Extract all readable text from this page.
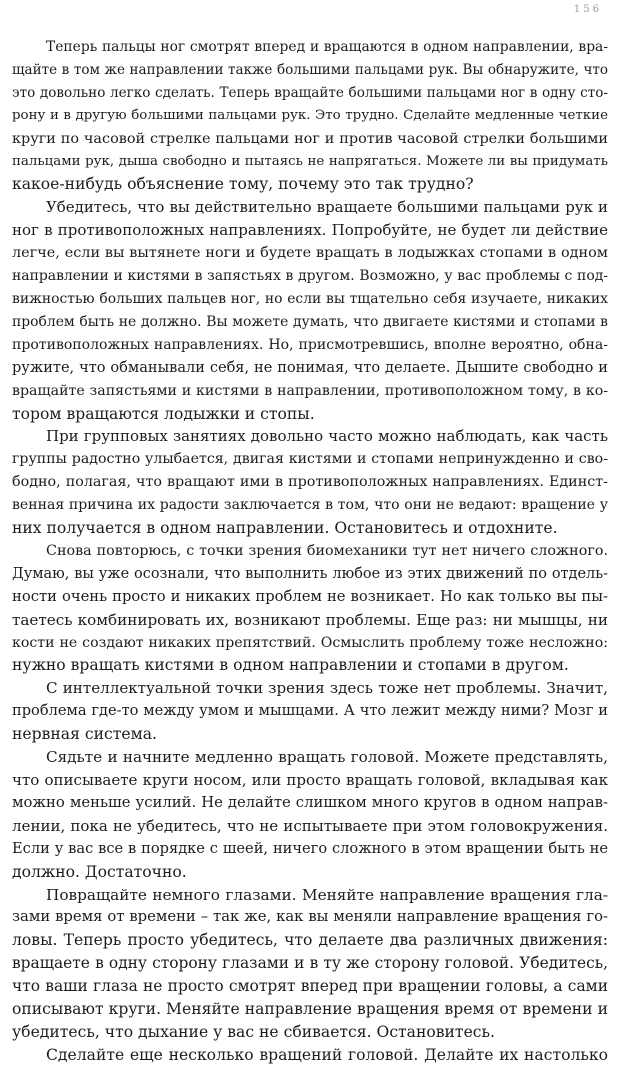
156
Теперь пальцы ног смотрят вперед и вращаются в одном направлении, вра-
щайте в том же направлении также большими пальцами рук. Вы обнаружите, что
это довольно легко сделать. Теперь вращайте большими пальцами ног в одну сто-
рону и в другую большими пальцами рук. Это трудно. Сделайте медленные четкие
круги по часовой стрелке пальцами ног и против часовой стрелки большими
пальцами рук, дыша свободно и пытаясь не напрягаться. Можете ли вы придумать
какое-нибудь объяснение тому, почему это так трудно?
Убедитесь, что вы действительно вращаете большими пальцами рук и
ног в противоположных направлениях. Попробуйте, не будет ли действие
легче, если вы вытянете ноги и будете вращать в лодыжках стопами в одном
направлении и кистями в запястьях в другом. Возможно, у вас проблемы с под-
вижностью больших пальцев ног, но если вы тщательно себя изучаете, никаких
проблем быть не должно. Вы можете думать, что двигаете кистями и стопами в
противоположных направлениях. Но, присмотревшись, вполне вероятно, обна-
ружите, что обманывали себя, не понимая, что делаете. Дышите свободно и
вращайте запястьями и кистями в направлении, противоположном тому, в ко-
тором вращаются лодыжки и стопы.
При групповых занятиях довольно часто можно наблюдать, как часть
группы радостно улыбается, двигая кистями и стопами непринужденно и сво-
бодно, полагая, что вращают ими в противоположных направлениях. Единст-
венная причина их радости заключается в том, что они не ведают: вращение у
них получается в одном направлении. Остановитесь и отдохните.
Снова повторюсь, с точки зрения биомеханики тут нет ничего сложного.
Думаю, вы уже осознали, что выполнить любое из этих движений по отдель-
ности очень просто и никаких проблем не возникает. Но как только вы пы-
таетесь комбинировать их, возникают проблемы. Еще раз: ни мышцы, ни
кости не создают никаких препятствий. Осмыслить проблему тоже несложно:
нужно вращать кистями в одном направлении и стопами в другом.
С интеллектуальной точки зрения здесь тоже нет проблемы. Значит,
проблема где-то между умом и мышцами. А что лежит между ними? Мозг и
нервная система.
Сядьте и начните медленно вращать головой. Можете представлять,
что описываете круги носом, или просто вращать головой, вкладывая как
можно меньше усилий. Не делайте слишком много кругов в одном направ-
лении, пока не убедитесь, что не испытываете при этом головокружения.
Если у вас все в порядке с шеей, ничего сложного в этом вращении быть не
должно. Достаточно.
Повращайте немного глазами. Меняйте направление вращения гла-
зами время от времени – так же, как вы меняли направление вращения го-
ловы. Теперь просто убедитесь, что делаете два различных движения:
вращаете в одну сторону глазами и в ту же сторону головой. Убедитесь,
что ваши глаза не просто смотрят вперед при вращении головы, а сами
описывают круги. Меняйте направление вращения время от времени и
убедитесь, что дыхание у вас не сбивается. Остановитесь.
Сделайте еще несколько вращений головой. Делайте их настолько
